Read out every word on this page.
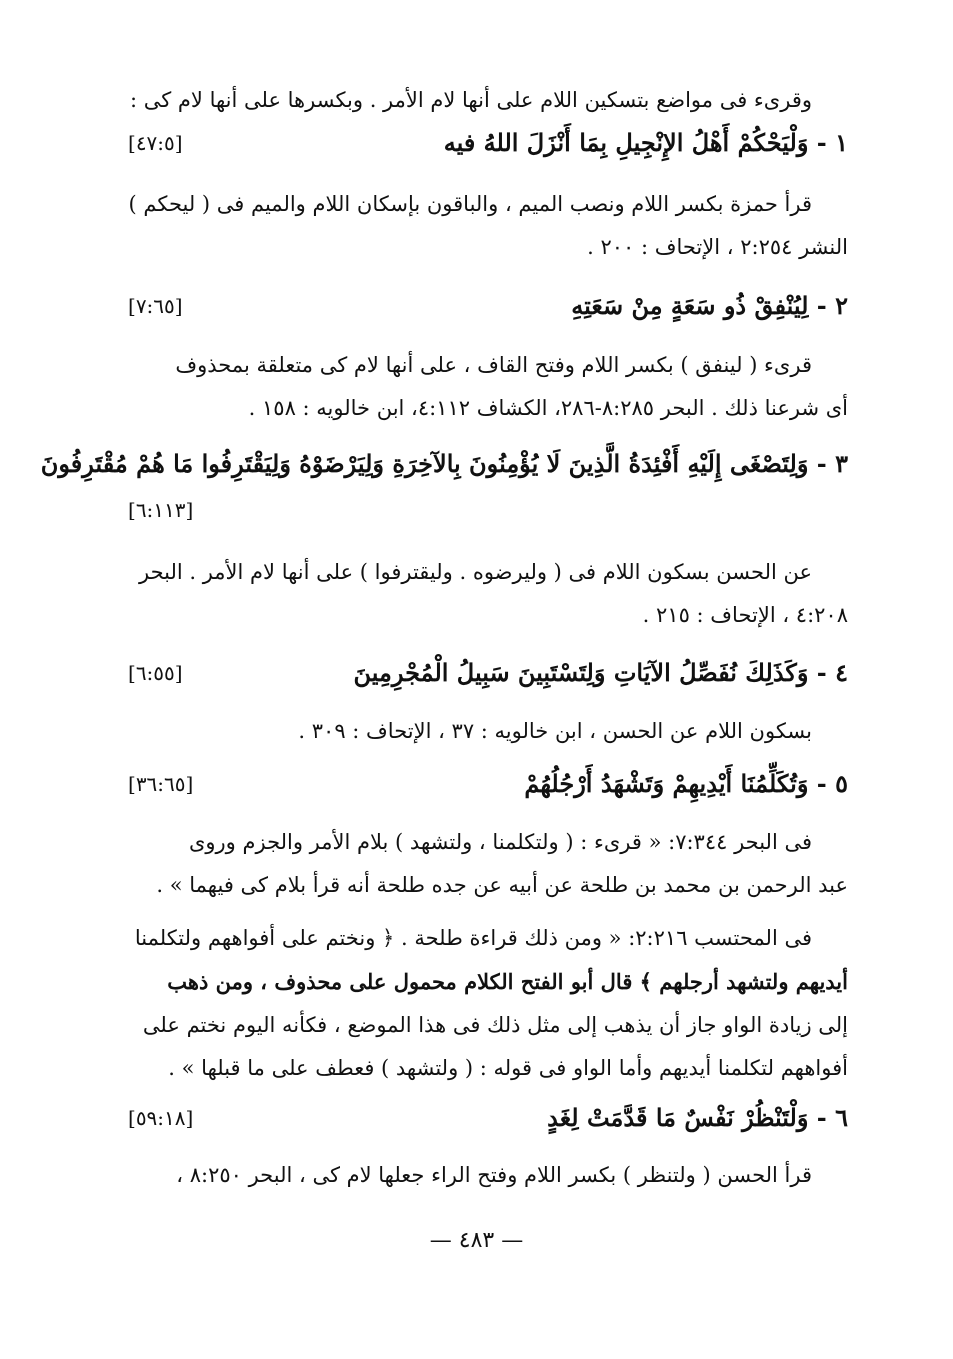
وقرىء فى مواضع بتسكين اللام على أنها لام الأمر . وبكسرها على أنها لام كى :
١ - وَلْيَحْكُمْ أَهْلُ الإِنْجِيلِ بِمَا أَنْزَلَ اللهُ فيه
[٤٧:٥]
قرأ حمزة بكسر اللام ونصب الميم ، والباقون بإسكان اللام والميم فى ( ليحكم )
النشر ٢:٢٥٤ ، الإتحاف : ٢٠٠ .
٢ - لِيُنْفِقْ ذُو سَعَةٍ مِنْ سَعَتِهِ
[٧:٦٥]
قرىء ( لينفق ) بكسر اللام وفتح القاف ، على أنها لام كى متعلقة بمحذوف
أى شرعنا ذلك . البحر ٨:٢٨٥-٢٨٦، الكشاف ٤:١١٢، ابن خالويه : ١٥٨ .
٣ - وَلِتَصْغَى إِلَيْهِ أَفْئِدَةُ الَّذِينَ لَا يُؤْمِنُونَ بِالآخِرَةِ وَلِيَرْضَوْهُ وَلِيَقْتَرِفُوا مَا هُمْ مُقْتَرِفُونَ
[٦:١١٣]
عن الحسن بسكون اللام فى ( وليرضوه . وليقترفوا ) على أنها لام الأمر . البحر
٤:٢٠٨ ، الإتحاف : ٢١٥ .
٤ - وَكَذَلِكَ نُفَصِّلُ الآيَاتِ وَلِتَسْتَبِينَ سَبِيلُ الْمُجْرِمِينَ
[٦:٥٥]
بسكون اللام عن الحسن ، ابن خالويه : ٣٧ ، الإتحاف : ٣٠٩ .
٥ - وَتُكَلِّمُنَا أَيْدِيهِمْ وَتَشْهَدُ أَرْجُلُهُمْ
[٣٦:٦٥]
فى البحر ٧:٣٤٤: « قرىء : ( ولتكلمنا ، ولتشهد ) بلام الأمر والجزم وروى
عبد الرحمن بن محمد بن طلحة عن أبيه عن جده طلحة أنه قرأ بلام كى فيهما » .
فى المحتسب ٢:٢١٦: « ومن ذلك قراءة طلحة . ﴿ ونختم على أفواههم ولتكلمنا
أيديهم ولتشهد أرجلهم ﴾ قال أبو الفتح الكلام محمول على محذوف ، ومن ذهب
إلى زيادة الواو جاز أن يذهب إلى مثل ذلك فى هذا الموضع ، فكأنه اليوم نختم على
أفواههم لتكلمنا أيديهم وأما الواو فى قوله : ( ولتشهد ) فعطف على ما قبلها » .
٦ - وَلْتَنْظُرْ نَفْسٌ مَا قَدَّمَتْ لِغَدٍ
[٥٩:١٨]
قرأ الحسن ( ولتنظر ) بكسر اللام وفتح الراء جعلها لام كى ، البحر ٨:٢٥٠ ،
— ٤٨٣ —
